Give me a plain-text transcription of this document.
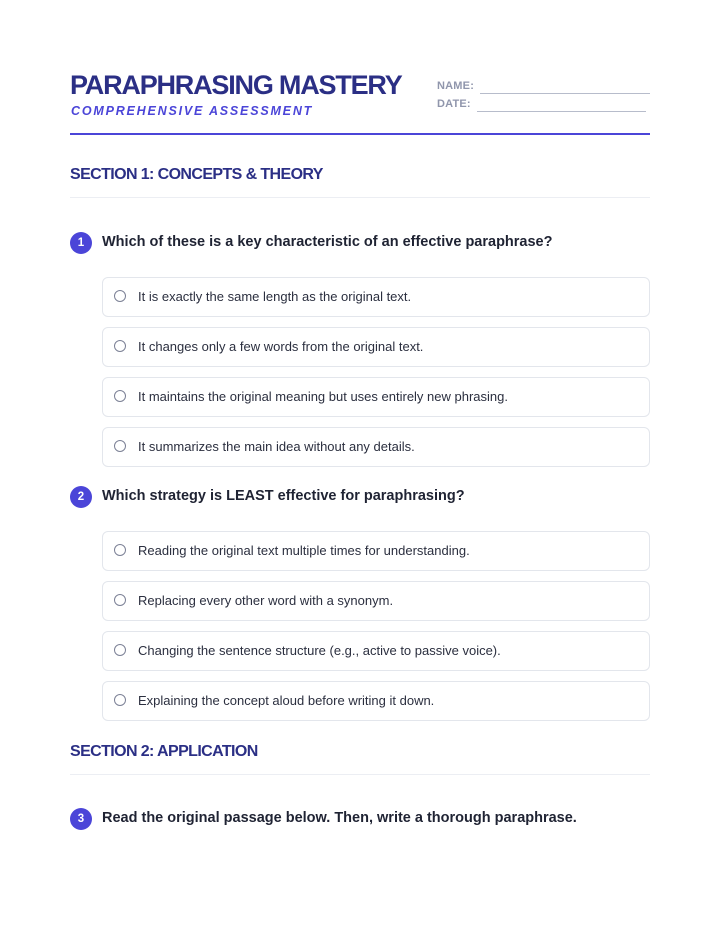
PARAPHRASING MASTERY
COMPREHENSIVE ASSESSMENT
NAME:
DATE:
SECTION 1: CONCEPTS & THEORY
1	Which of these is a key characteristic of an effective paraphrase?
It is exactly the same length as the original text.
It changes only a few words from the original text.
It maintains the original meaning but uses entirely new phrasing.
It summarizes the main idea without any details.
2	Which strategy is LEAST effective for paraphrasing?
Reading the original text multiple times for understanding.
Replacing every other word with a synonym.
Changing the sentence structure (e.g., active to passive voice).
Explaining the concept aloud before writing it down.
SECTION 2: APPLICATION
3	Read the original passage below. Then, write a thorough paraphrase.
